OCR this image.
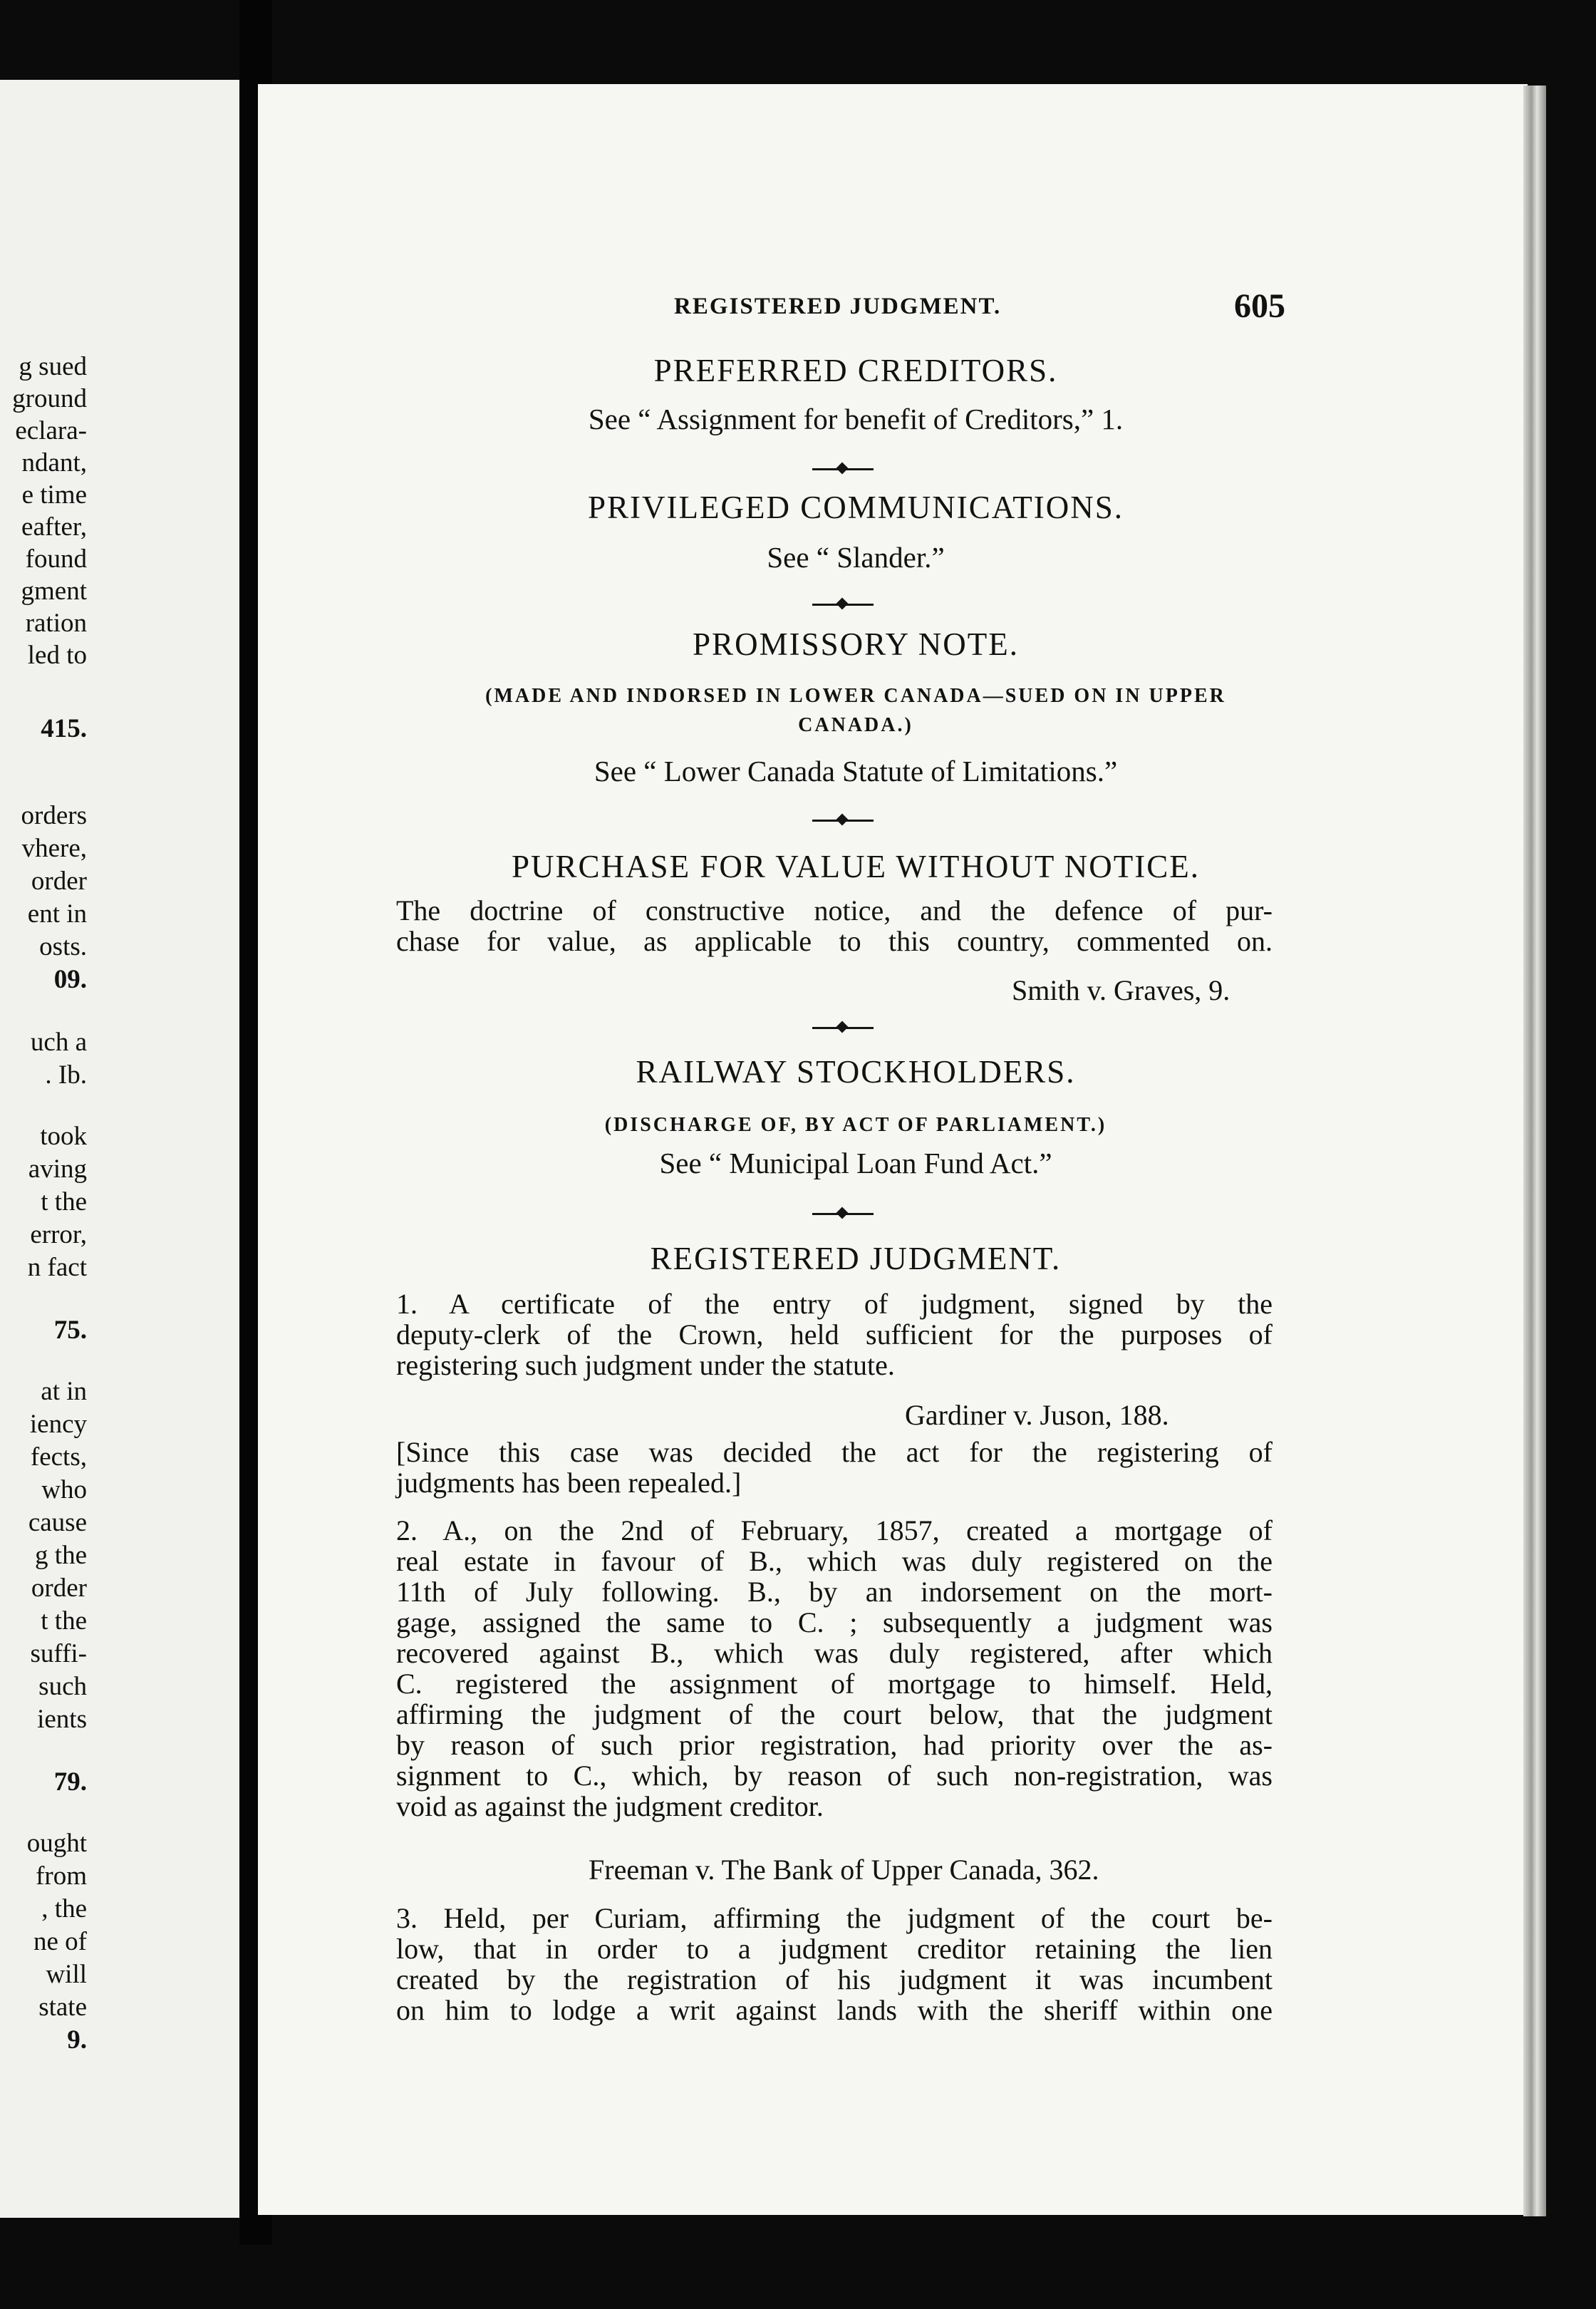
g sued
ground
eclara-
ndant,
e time
eafter,
found
gment
ration
led to
415.
orders
vhere,
order
ent in
osts.
09.
uch a
. Ib.
took
aving
t the
error,
n fact
75.
at in
iency
fects,
who
cause
g the
order
t the
suffi-
such
ients
79.
ought
from
, the
ne of
will
state
9.
REGISTERED JUDGMENT.	605
PREFERRED CREDITORS.
See “ Assignment for benefit of Creditors,” 1.
PRIVILEGED COMMUNICATIONS.
See “ Slander.”
PROMISSORY NOTE.
(MADE AND INDORSED IN LOWER CANADA—SUED ON IN UPPER
CANADA.)
See “ Lower Canada Statute of Limitations.”
PURCHASE FOR VALUE WITHOUT NOTICE.
The doctrine of constructive notice, and the defence of pur-
chase for value, as applicable to this country, commented on.
Smith v. Graves, 9.
RAILWAY STOCKHOLDERS.
(DISCHARGE OF, BY ACT OF PARLIAMENT.)
See “ Municipal Loan Fund Act.”
REGISTERED JUDGMENT.
1. A certificate of the entry of judgment, signed by the
deputy-clerk of the Crown, held sufficient for the purposes of
registering such judgment under the statute.
Gardiner v. Juson, 188.
[Since this case was decided the act for the registering of
judgments has been repealed.]
2. A., on the 2nd of February, 1857, created a mortgage of
real estate in favour of B., which was duly registered on the
11th of July following. B., by an indorsement on the mort-
gage, assigned the same to C. ; subsequently a judgment was
recovered against B., which was duly registered, after which
C. registered the assignment of mortgage to himself. Held,
affirming the judgment of the court below, that the judgment
by reason of such prior registration, had priority over the as-
signment to C., which, by reason of such non-registration, was
void as against the judgment creditor.
Freeman v. The Bank of Upper Canada, 362.
3. Held, per Curiam, affirming the judgment of the court be-
low, that in order to a judgment creditor retaining the lien
created by the registration of his judgment it was incumbent
on him to lodge a writ against lands with the sheriff within one
